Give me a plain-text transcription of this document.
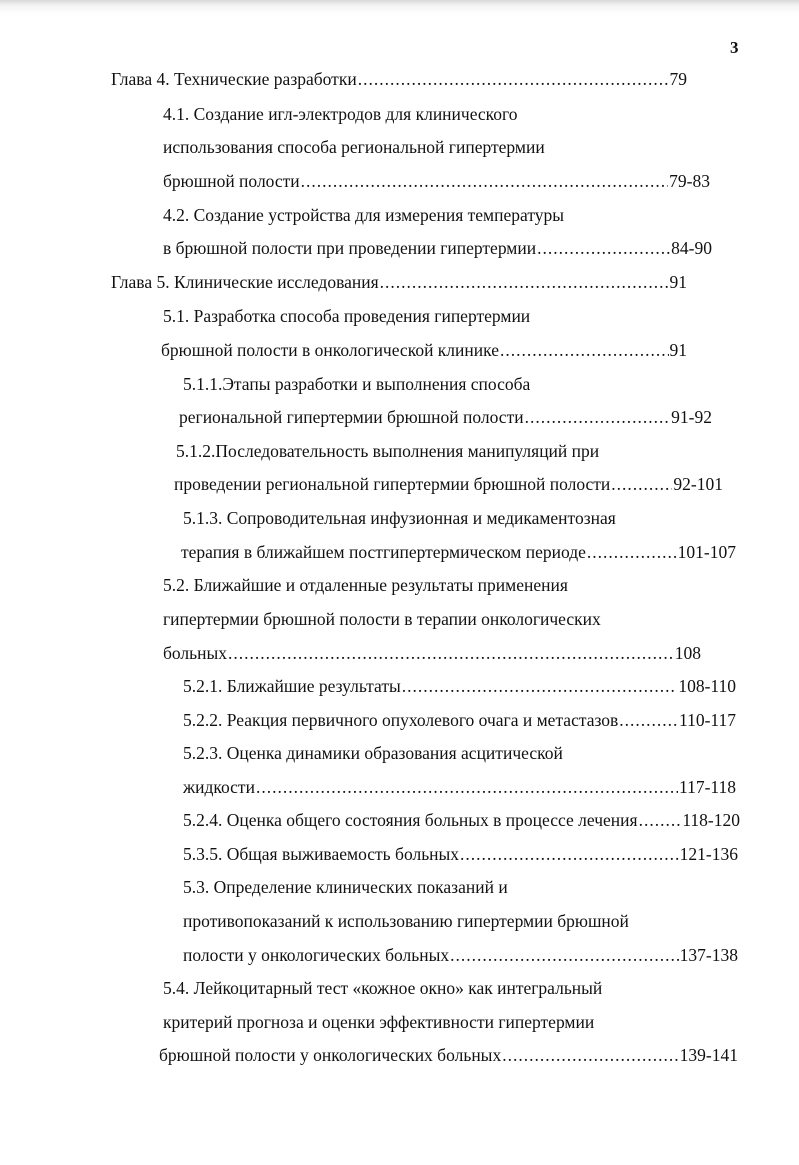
3
Глава 4. Технические разработки .....	79
4.1. Создание игл-электродов для клинического
использования способа региональной гипертермии
брюшной полости .....	79-83
4.2. Создание устройства для измерения температуры
в брюшной полости при проведении гипертермии .....	84-90
Глава 5. Клинические исследования .....	91
5.1. Разработка способа проведения гипертермии
брюшной полости в онкологической клинике .....	91
5.1.1.Этапы разработки и выполнения способа
региональной гипертермии брюшной полости .....	91-92
5.1.2.Последовательность выполнения манипуляций при
проведении региональной гипертермии брюшной полости .....	92-101
5.1.3. Сопроводительная инфузионная и медикаментозная
терапия в ближайшем постгипертермическом периоде .....	101-107
5.2. Ближайшие и отдаленные результаты применения
гипертермии брюшной полости в терапии онкологических
больных .....	108
5.2.1. Ближайшие результаты .....	108-110
5.2.2. Реакция первичного опухолевого очага и метастазов .....	110-117
5.2.3. Оценка динамики образования асцитической
жидкости .....	117-118
5.2.4. Оценка общего состояния больных в процессе лечения .....	118-120
5.3.5. Общая выживаемость больных .....	121-136
5.3. Определение клинических показаний и
противопоказаний к использованию гипертермии брюшной
полости у онкологических больных .....	137-138
5.4. Лейкоцитарный тест «кожное окно» как интегральный
критерий прогноза и оценки эффективности гипертермии
брюшной полости у онкологических больных .....	139-141
